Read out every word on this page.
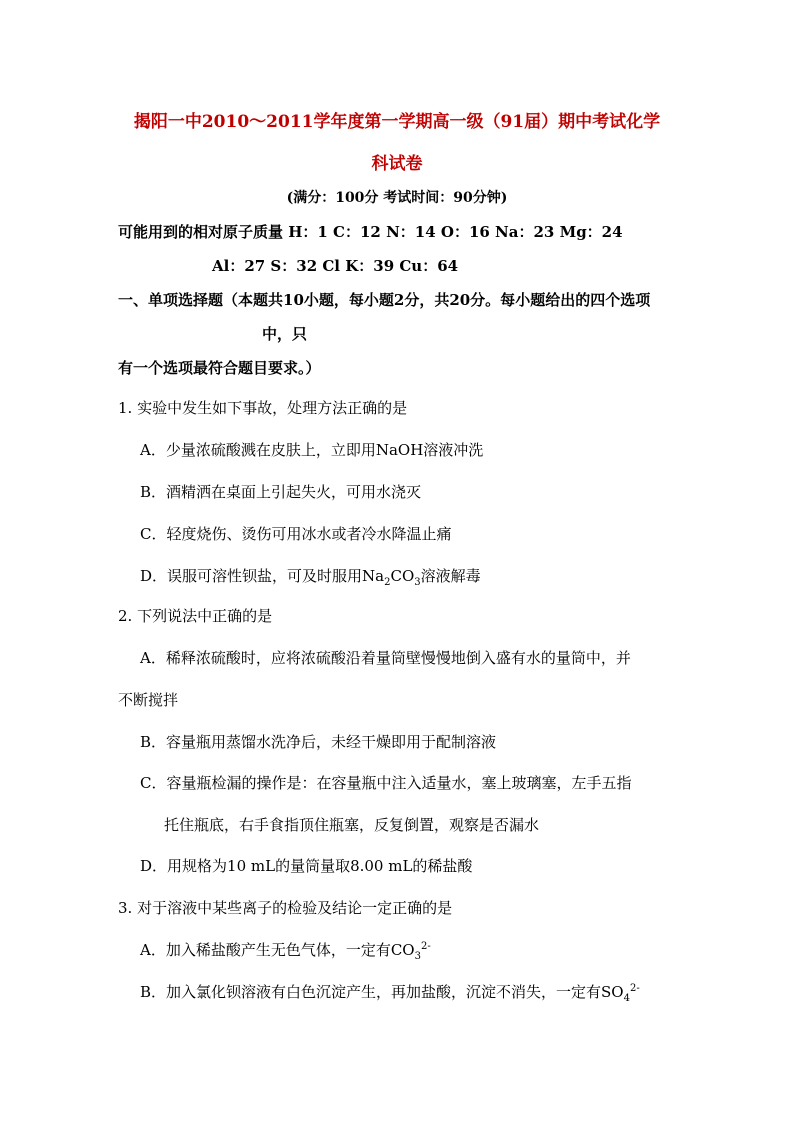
揭阳一中2010～2011学年度第一学期高一级（91届）期中考试化学
科试卷
(满分：100分 考试时间：90分钟)
可能用到的相对原子质量 H：1 C：12 N：14 O：16 Na：23 Mg：24
Al：27 S：32 Cl K：39 Cu：64
一、单项选择题（本题共10小题，每小题2分，共20分。每小题给出的四个选项
中，只
有一个选项最符合题目要求。）
1. 实验中发生如下事故，处理方法正确的是
A．少量浓硫酸溅在皮肤上，立即用NaOH溶液冲洗
B．酒精洒在桌面上引起失火，可用水浇灭
C．轻度烧伤、烫伤可用冰水或者冷水降温止痛
D．误服可溶性钡盐，可及时服用$Na_2CO_3$溶液解毒
2. 下列说法中正确的是
A．稀释浓硫酸时，应将浓硫酸沿着量筒壁慢慢地倒入盛有水的量筒中，并
不断搅拌
B．容量瓶用蒸馏水洗净后，未经干燥即用于配制溶液
C．容量瓶检漏的操作是：在容量瓶中注入适量水，塞上玻璃塞，左手五指
托住瓶底，右手食指顶住瓶塞，反复倒置，观察是否漏水
D．用规格为10 mL的量筒量取8.00 mL的稀盐酸
3. 对于溶液中某些离子的检验及结论一定正确的是
A．加入稀盐酸产生无色气体，一定有$CO_3^{2-}$
B．加入氯化钡溶液有白色沉淀产生，再加盐酸，沉淀不消失，一定有$SO_4^{2-}$
